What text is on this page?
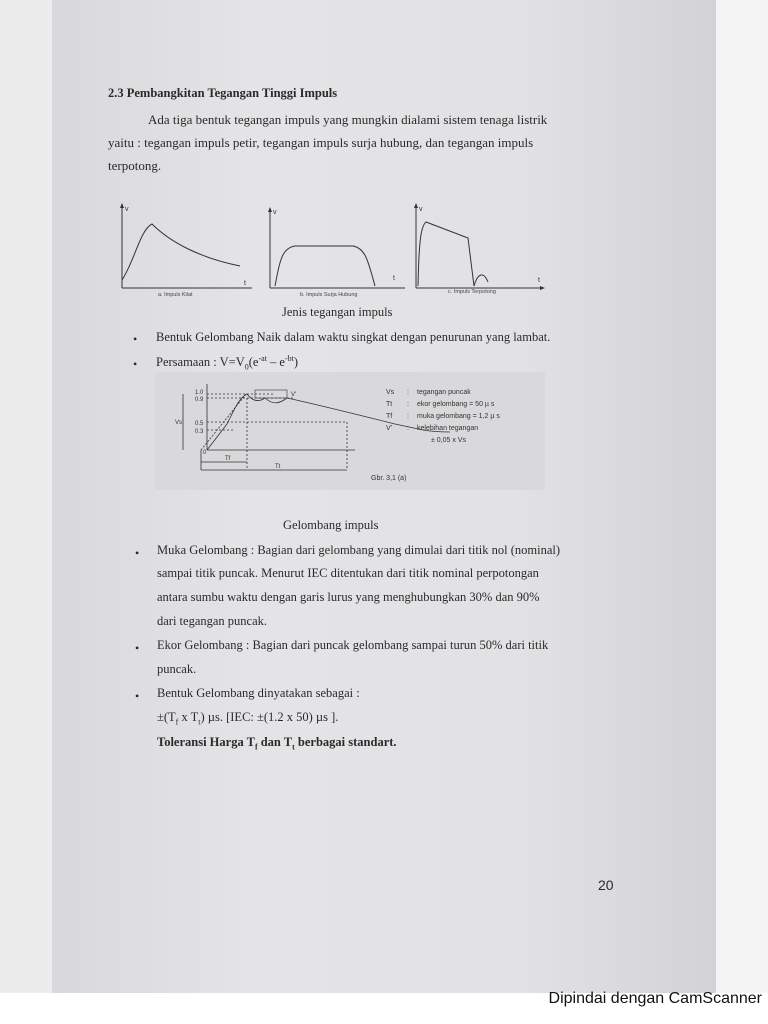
2.3 Pembangkitan Tegangan Tinggi Impuls
Ada tiga bentuk tegangan impuls yang mungkin dialami sistem tenaga listrik
yaitu : tegangan impuls petir, tegangan impuls surja hubung, dan tegangan impuls
terpotong.
v	v	v
t
t	t
a. Impuls Kilat	b. Impuls Surja Hubung	c. Impuls Terpotong
Jenis tegangan impuls
• Bentuk Gelombang Naik dalam waktu singkat dengan penurunan yang lambat.
• Persamaan : $V=V_0(e^{-at} - e^{-bt})$
1.0
0.9
0.5
0.3
0
Vs
V'
Tf
Tt
Vs : tegangan puncak
Tt : ekor gelombang = 50 µ s
Tf : muka gelombang = 1,2 µ s
V' : kelebihan tegangan
± 0,05 x Vs
Gbr. 3,1 (a)
Gelombang impuls
• Muka Gelombang : Bagian dari gelombang yang dimulai dari titik nol (nominal)
sampai titik puncak. Menurut IEC ditentukan dari titik nominal perpotongan
antara sumbu waktu dengan garis lurus yang menghubungkan 30% dan 90%
dari tegangan puncak.
• Ekor Gelombang : Bagian dari puncak gelombang sampai turun 50% dari titik
puncak.
• Bentuk Gelombang dinyatakan sebagai :
$\pm(T_f$ x $T_t$) µs. [IEC: ±(1.2 x 50) µs ].
Toleransi Harga $T_f$ dan $T_t$ berbagai standart.
20
Dipindai dengan CamScanner
